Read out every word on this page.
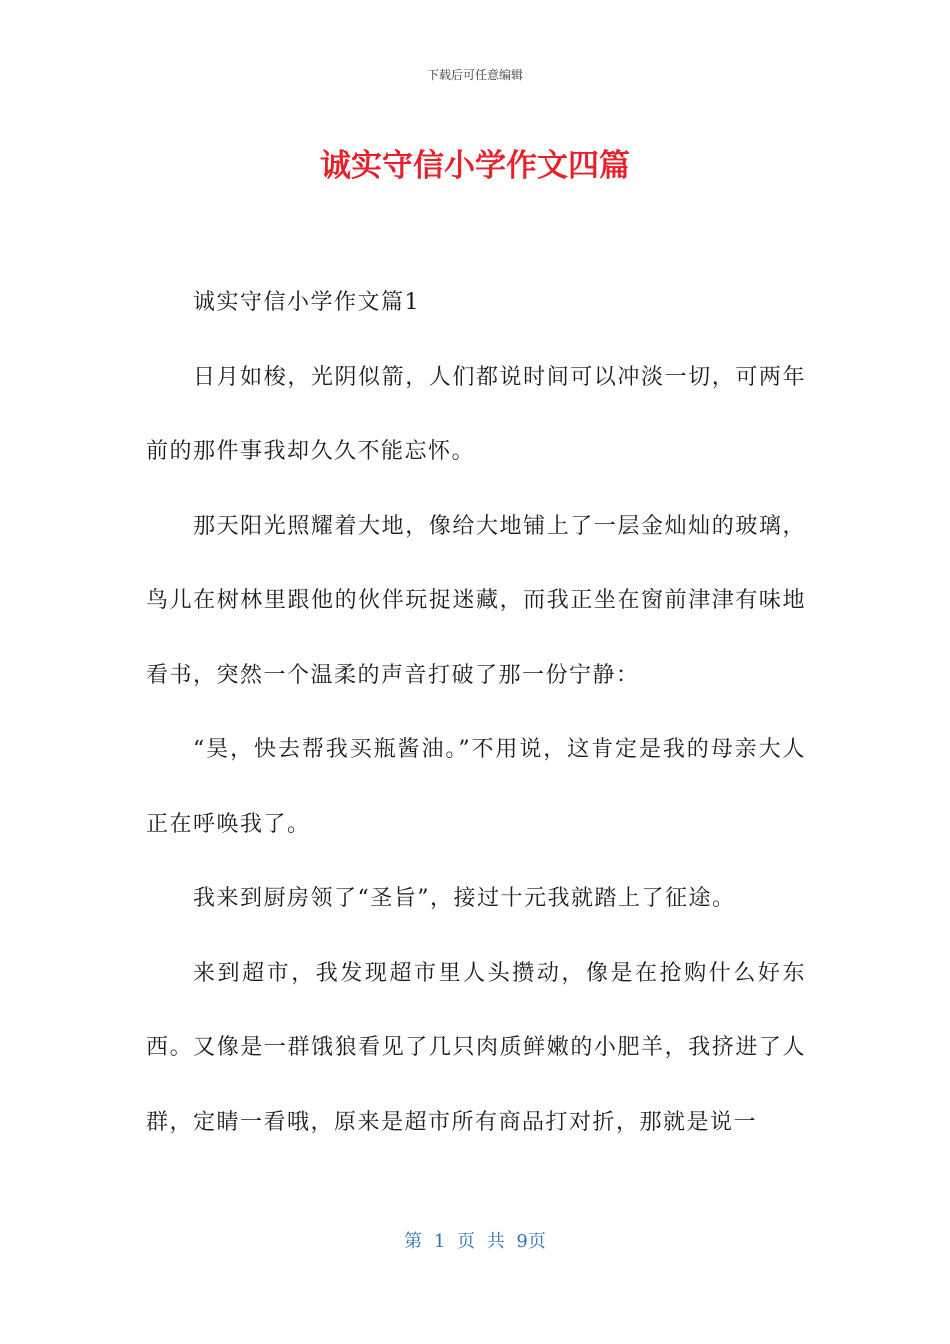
下载后可任意编辑
诚实守信小学作文四篇

诚实守信小学作文篇1

日月如梭，光阴似箭，人们都说时间可以冲淡一切，可两年前的那件事我却久久不能忘怀。

那天阳光照耀着大地，像给大地铺上了一层金灿灿的玻璃，鸟儿在树林里跟他的伙伴玩捉迷藏，而我正坐在窗前津津有味地看书，突然一个温柔的声音打破了那一份宁静：

“昊，快去帮我买瓶酱油。”不用说，这肯定是我的母亲大人正在呼唤我了。

我来到厨房领了“圣旨”，接过十元我就踏上了征途。

来到超市，我发现超市里人头攒动，像是在抢购什么好东西。又像是一群饿狼看见了几只肉质鲜嫩的小肥羊，我挤进了人群，定睛一看哦，原来是超市所有商品打对折，那就是说一

第 1 页 共 9页
